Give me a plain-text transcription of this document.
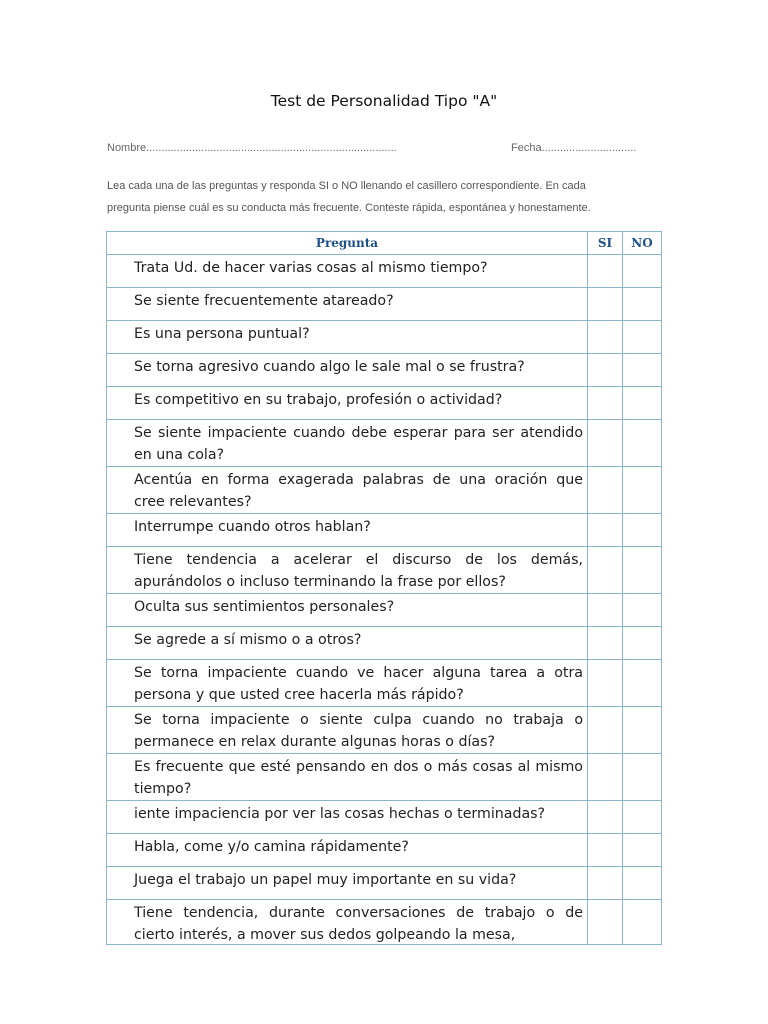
Test de Personalidad Tipo "A"
Nombre..................................................................................	Fecha...............................
Lea cada una de las preguntas y responda SI o NO llenando el casillero correspondiente. En cada
pregunta piense cuál es su conducta más frecuente. Conteste rápida, espontánea y honestamente.
Pregunta	SI	NO

Trata Ud. de hacer varias cosas al mismo tiempo?		

Se siente frecuentemente atareado?		

Es una persona puntual?		

Se torna agresivo cuando algo le sale mal o se frustra?		

Es competitivo en su trabajo, profesión o actividad?		

Se siente impaciente cuando debe esperar para ser atendido en una cola?		

Acentúa en forma exagerada palabras de una oración que cree relevantes?		

Interrumpe cuando otros hablan?		

Tiene tendencia a acelerar el discurso de los demás, apurándolos o incluso terminando la frase por ellos?		

Oculta sus sentimientos personales?		

Se agrede a sí mismo o a otros?		

Se torna impaciente cuando ve hacer alguna tarea a otra persona y que usted cree hacerla más rápido?		

Se torna impaciente o siente culpa cuando no trabaja o permanece en relax durante algunas horas o días?		

Es frecuente que esté pensando en dos o más cosas al mismo tiempo?		

iente impaciencia por ver las cosas hechas o terminadas?		

Habla, come y/o camina rápidamente?		

Juega el trabajo un papel muy importante en su vida?		

Tiene tendencia, durante conversaciones de trabajo o de cierto interés, a mover sus dedos golpeando la mesa,		
